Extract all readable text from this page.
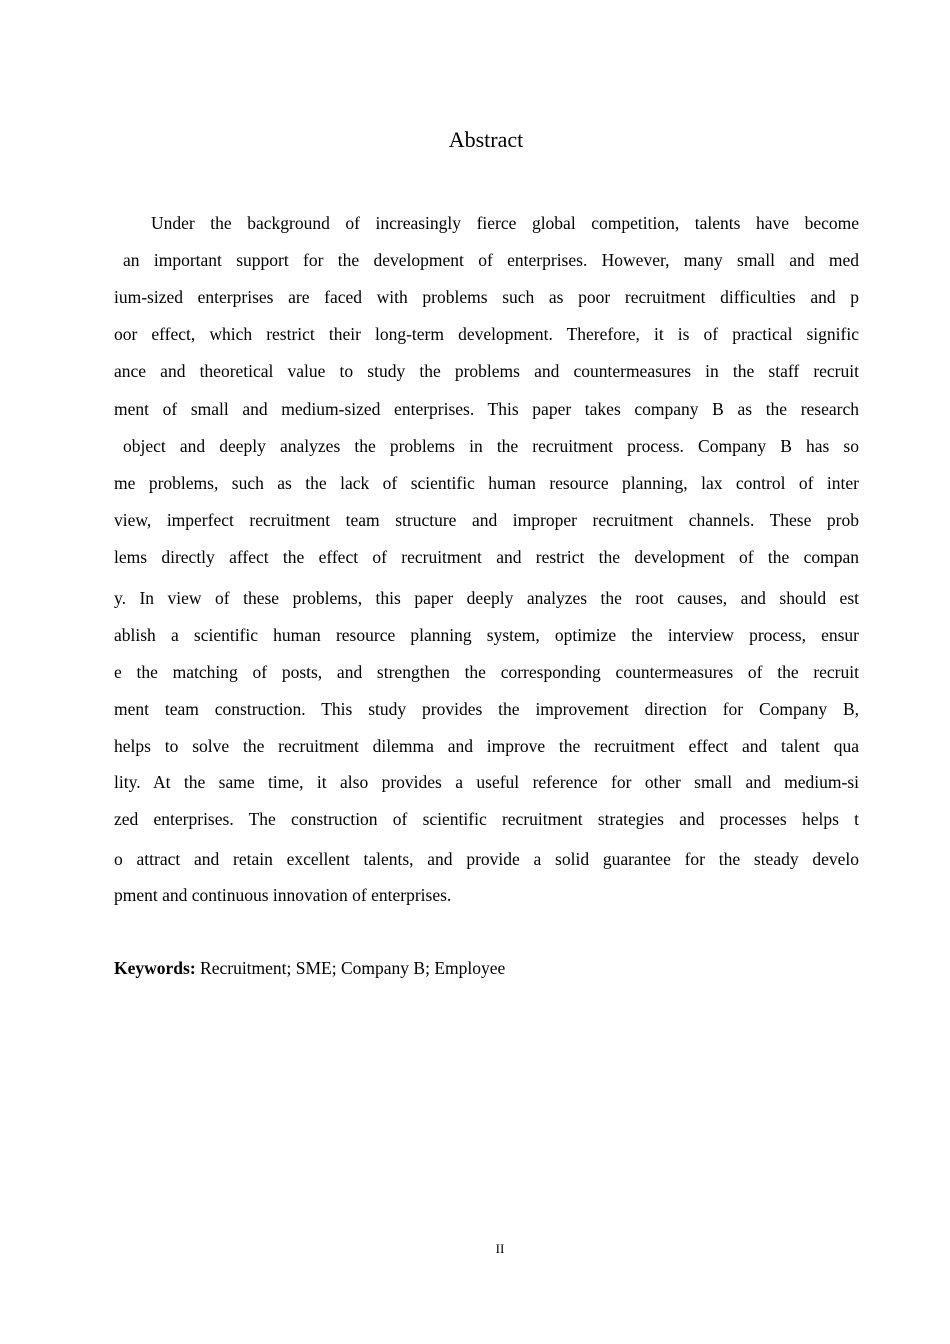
Abstract
Under the background of increasingly fierce global competition, talents have become
an important support for the development of enterprises. However, many small and med
ium-sized enterprises are faced with problems such as poor recruitment difficulties and p
oor effect, which restrict their long-term development. Therefore, it is of practical signific
ance and theoretical value to study the problems and countermeasures in the staff recruit
ment of small and medium-sized enterprises. This paper takes company B as the research
object and deeply analyzes the problems in the recruitment process. Company B has so
me problems, such as the lack of scientific human resource planning, lax control of inter
view, imperfect recruitment team structure and improper recruitment channels. These prob
lems directly affect the effect of recruitment and restrict the development of the compan
y. In view of these problems, this paper deeply analyzes the root causes, and should est
ablish a scientific human resource planning system, optimize the interview process, ensur
e the matching of posts, and strengthen the corresponding countermeasures of the recruit
ment team construction. This study provides the improvement direction for Company B,
helps to solve the recruitment dilemma and improve the recruitment effect and talent qua
lity. At the same time, it also provides a useful reference for other small and medium-si
zed enterprises. The construction of scientific recruitment strategies and processes helps t
o attract and retain excellent talents, and provide a solid guarantee for the steady develo
pment and continuous innovation of enterprises.
Keywords: Recruitment; SME; Company B; Employee
II
